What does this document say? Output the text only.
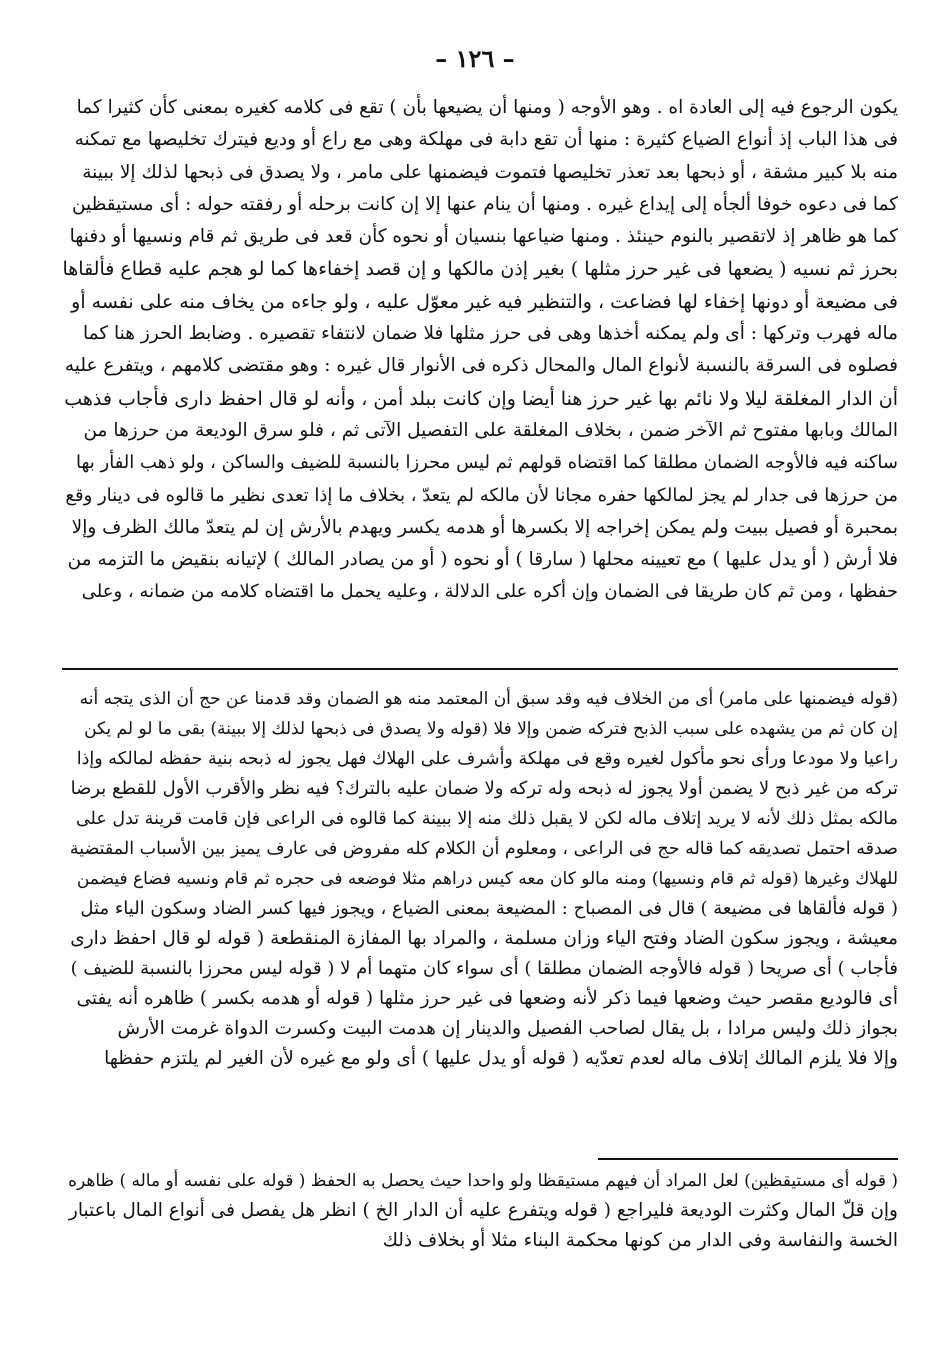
– ١٢٦ –
يكون الرجوع فيه إلى العادة اه . وهو الأوجه ( ومنها أن يضيعها بأن ) تقع فى كلامه كغيره بمعنى كأن كثيرا كما
فى هذا الباب إذ أنواع الضياع كثيرة : منها أن تقع دابة فى مهلكة وهى مع راع أو وديع فيترك تخليصها مع تمكنه
منه بلا كبير مشقة ، أو ذبحها بعد تعذر تخليصها فتموت فيضمنها على مامر ، ولا يصدق فى ذبحها لذلك إلا ببينة
كما فى دعوه خوفا ألجأه إلى إيداع غيره . ومنها أن ينام عنها إلا إن كانت برحله أو رفقته حوله : أى مستيقظين
كما هو ظاهر إذ لاتقصير بالنوم حينئذ . ومنها ضياعها بنسيان أو نحوه كأن قعد فى طريق ثم قام ونسيها أو دفنها
بحرز ثم نسيه ( يضعها فى غير حرز مثلها ) بغير إذن مالكها و إن قصد إخفاءها كما لو هجم عليه قطاع فألقاها
فى مضيعة أو دونها إخفاء لها فضاعت ، والتنظير فيه غير معوّل عليه ، ولو جاءه من يخاف منه على نفسه أو
ماله فهرب وتركها : أى ولم يمكنه أخذها وهى فى حرز مثلها فلا ضمان لانتفاء تقصيره . وضابط الحرز هنا كما
فصلوه فى السرقة بالنسبة لأنواع المال والمحال ذكره فى الأنوار قال غيره : وهو مقتضى كلامهم ، ويتفرع عليه
أن الدار المغلقة ليلا ولا نائم بها غير حرز هنا أيضا وإن كانت ببلد أمن ، وأنه لو قال احفظ دارى فأجاب فذهب
المالك وبابها مفتوح ثم الآخر ضمن ، بخلاف المغلقة على التفصيل الآتى ثم ، فلو سرق الوديعة من حرزها من
ساكنه فيه فالأوجه الضمان مطلقا كما اقتضاه قولهم ثم ليس محرزا بالنسبة للضيف والساكن ، ولو ذهب الفأر بها
من حرزها فى جدار لم يجز لمالكها حفره مجانا لأن مالكه لم يتعدّ ، بخلاف ما إذا تعدى نظير ما قالوه فى دينار وقع
بمحبرة أو فصيل ببيت ولم يمكن إخراجه إلا بكسرها أو هدمه يكسر ويهدم بالأرش إن لم يتعدّ مالك الظرف وإلا
فلا أرش ( أو يدل عليها ) مع تعيينه محلها ( سارقا ) أو نحوه ( أو من يصادر المالك ) لإتيانه بنقيض ما التزمه من
حفظها ، ومن ثم كان طريقا فى الضمان وإن أكره على الدلالة ، وعليه يحمل ما اقتضاه كلامه من ضمانه ، وعلى
(قوله فيضمنها على مامر) أى من الخلاف فيه وقد سبق أن المعتمد منه هو الضمان وقد قدمنا عن حج أن الذى يتجه أنه
إن كان ثم من يشهده على سبب الذبح فتركه ضمن وإلا فلا (قوله ولا يصدق فى ذبحها لذلك إلا ببينة) بقى ما لو لم يكن
راعيا ولا مودعا ورأى نحو مأكول لغيره وقع فى مهلكة وأشرف على الهلاك فهل يجوز له ذبحه بنية حفظه لمالكه وإذا
تركه من غير ذبح لا يضمن أولا يجوز له ذبحه وله تركه ولا ضمان عليه بالترك؟ فيه نظر والأقرب الأول للقطع برضا
مالكه بمثل ذلك لأنه لا يريد إتلاف ماله لكن لا يقبل ذلك منه إلا ببينة كما قالوه فى الراعى فإن قامت قرينة تدل على
صدقه احتمل تصديقه كما قاله حج فى الراعى ، ومعلوم أن الكلام كله مفروض فى عارف يميز بين الأسباب المقتضية
للهلاك وغيرها (قوله ثم قام ونسيها) ومنه مالو كان معه كيس دراهم مثلا فوضعه فى حجره ثم قام ونسيه فضاع فيضمن
( قوله فألقاها فى مضيعة ) قال فى المصباح : المضيعة بمعنى الضياع ، ويجوز فيها كسر الضاد وسكون الياء مثل
معيشة ، ويجوز سكون الضاد وفتح الياء وزان مسلمة ، والمراد بها المفازة المنقطعة ( قوله لو قال احفظ دارى
فأجاب ) أى صريحا ( قوله فالأوجه الضمان مطلقا ) أى سواء كان متهما أم لا ( قوله ليس محرزا بالنسبة للضيف )
أى فالوديع مقصر حيث وضعها فيما ذكر لأنه وضعها فى غير حرز مثلها ( قوله أو هدمه بكسر ) ظاهره أنه يفتى
بجواز ذلك وليس مرادا ، بل يقال لصاحب الفصيل والدينار إن هدمت البيت وكسرت الدواة غرمت الأرش
وإلا فلا يلزم المالك إتلاف ماله لعدم تعدّيه ( قوله أو يدل عليها ) أى ولو مع غيره لأن الغير لم يلتزم حفظها
( قوله أى مستيقظين) لعل المراد أن فيهم مستيقظا ولو واحدا حيث يحصل به الحفظ ( قوله على نفسه أو ماله ) ظاهره
وإن قلّ المال وكثرت الوديعة فليراجع ( قوله ويتفرع عليه أن الدار الخ ) انظر هل يفصل فى أنواع المال باعتبار
الخسة والنفاسة وفى الدار من كونها محكمة البناء مثلا أو بخلاف ذلك
